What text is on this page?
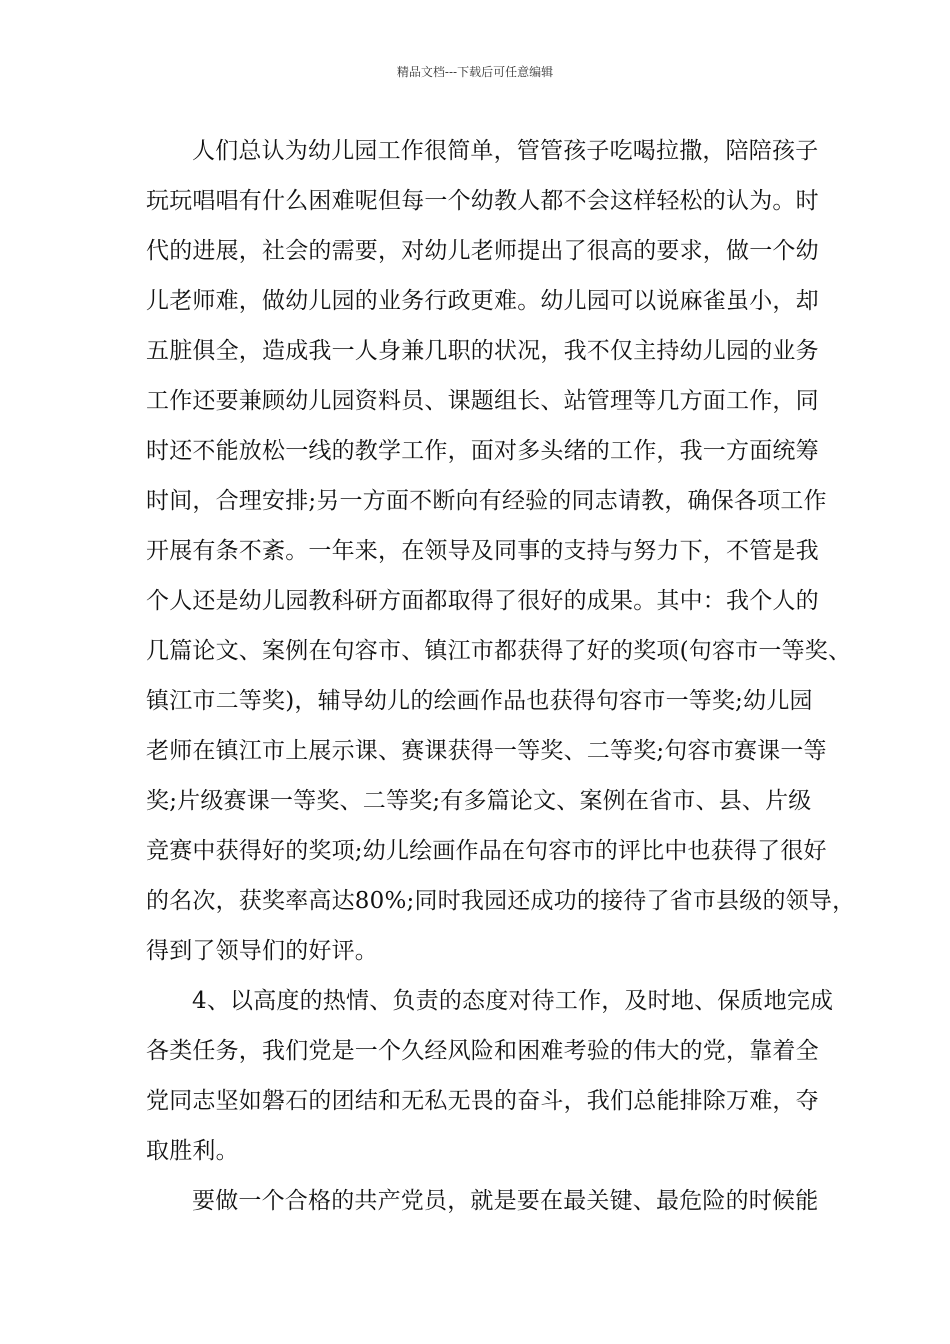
精品文档---下载后可任意编辑
人们总认为幼儿园工作很简单，管管孩子吃喝拉撒，陪陪孩子
玩玩唱唱有什么困难呢但每一个幼教人都不会这样轻松的认为。时
代的进展，社会的需要，对幼儿老师提出了很高的要求，做一个幼
儿老师难，做幼儿园的业务行政更难。幼儿园可以说麻雀虽小，却
五脏俱全，造成我一人身兼几职的状况，我不仅主持幼儿园的业务
工作还要兼顾幼儿园资料员、课题组长、站管理等几方面工作，同
时还不能放松一线的教学工作，面对多头绪的工作，我一方面统筹
时间，合理安排;另一方面不断向有经验的同志请教，确保各项工作
开展有条不紊。一年来，在领导及同事的支持与努力下，不管是我
个人还是幼儿园教科研方面都取得了很好的成果。其中：我个人的
几篇论文、案例在句容市、镇江市都获得了好的奖项(句容市一等奖、
镇江市二等奖)，辅导幼儿的绘画作品也获得句容市一等奖;幼儿园
老师在镇江市上展示课、赛课获得一等奖、二等奖;句容市赛课一等
奖;片级赛课一等奖、二等奖;有多篇论文、案例在省市、县、片级
竞赛中获得好的奖项;幼儿绘画作品在句容市的评比中也获得了很好
的名次，获奖率高达80%;同时我园还成功的接待了省市县级的领导，
得到了领导们的好评。
4、以高度的热情、负责的态度对待工作，及时地、保质地完成
各类任务，我们党是一个久经风险和困难考验的伟大的党，靠着全
党同志坚如磐石的团结和无私无畏的奋斗，我们总能排除万难，夺
取胜利。
要做一个合格的共产党员，就是要在最关键、最危险的时候能
